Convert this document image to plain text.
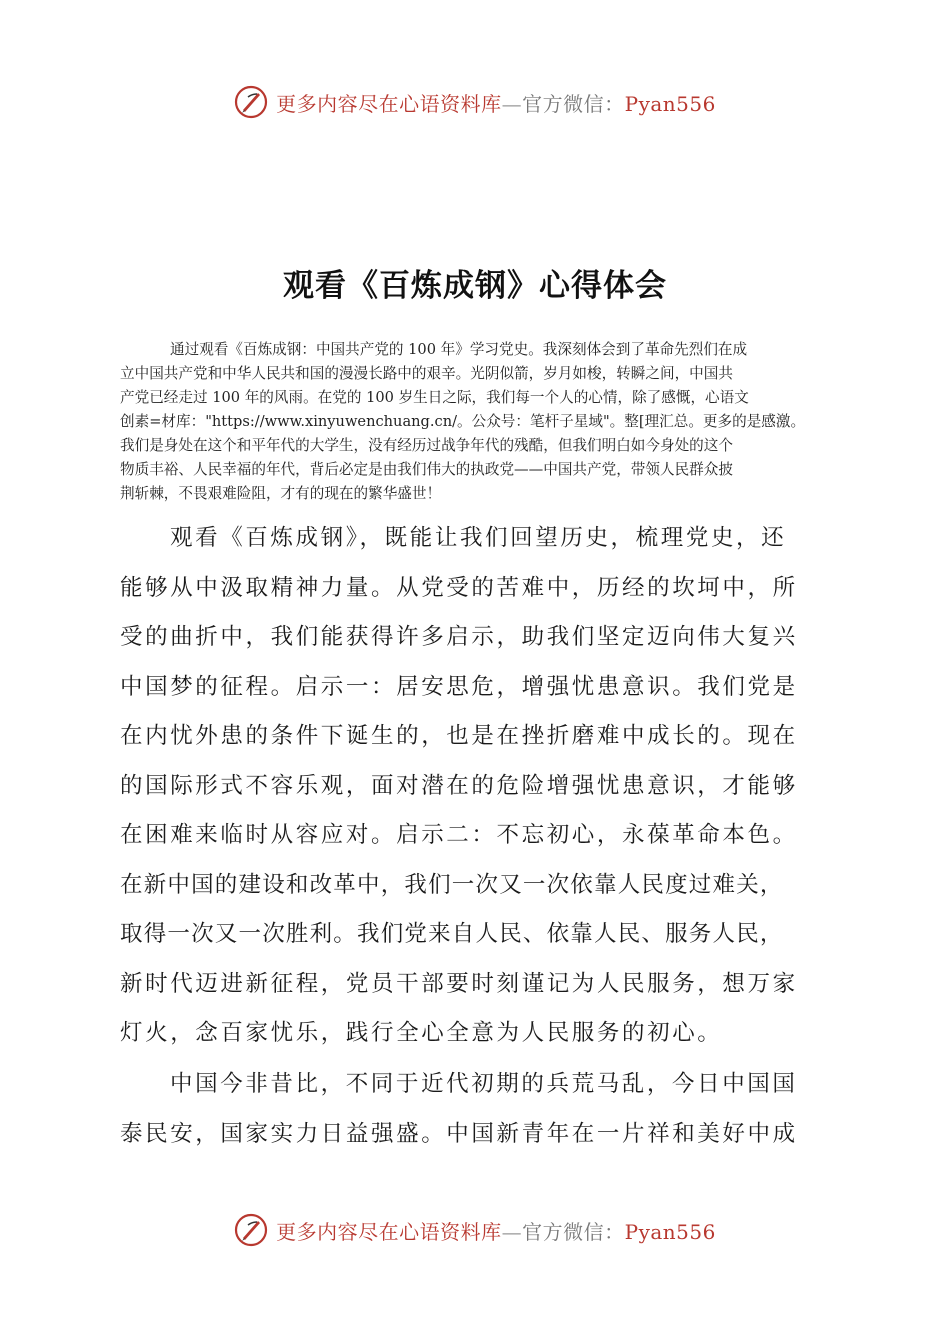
更多内容尽在心语资料库—官方微信：Pyan556
观看《百炼成钢》心得体会
通过观看《百炼成钢：中国共产党的 100 年》学习党史。我深刻体会到了革命先烈们在成
立中国共产党和中华人民共和国的漫漫长路中的艰辛。光阴似箭，岁月如梭，转瞬之间，中国共
产党已经走过 100 年的风雨。在党的 100 岁生日之际，我们每一个人的心情，除了感慨，心语文
创素=材库："https://www.xinyuwenchuang.cn/。公众号：笔杆子星域"。整[理汇总。更多的是感激。
我们是身处在这个和平年代的大学生，没有经历过战争年代的残酷，但我们明白如今身处的这个
物质丰裕、人民幸福的年代，背后必定是由我们伟大的执政党——中国共产党，带领人民群众披
荆斩棘，不畏艰难险阻，才有的现在的繁华盛世！
观看《百炼成钢》，既能让我们回望历史，梳理党史，还
能够从中汲取精神力量。从党受的苦难中，历经的坎坷中，所
受的曲折中，我们能获得许多启示，助我们坚定迈向伟大复兴
中国梦的征程。启示一：居安思危，增强忧患意识。我们党是
在内忧外患的条件下诞生的，也是在挫折磨难中成长的。现在
的国际形式不容乐观，面对潜在的危险增强忧患意识，才能够
在困难来临时从容应对。启示二：不忘初心，永葆革命本色。
在新中国的建设和改革中，我们一次又一次依靠人民度过难关，
取得一次又一次胜利。我们党来自人民、依靠人民、服务人民，
新时代迈进新征程，党员干部要时刻谨记为人民服务，想万家
灯火，念百家忧乐，践行全心全意为人民服务的初心。
中国今非昔比，不同于近代初期的兵荒马乱，今日中国国
泰民安，国家实力日益强盛。中国新青年在一片祥和美好中成
更多内容尽在心语资料库—官方微信：Pyan556
